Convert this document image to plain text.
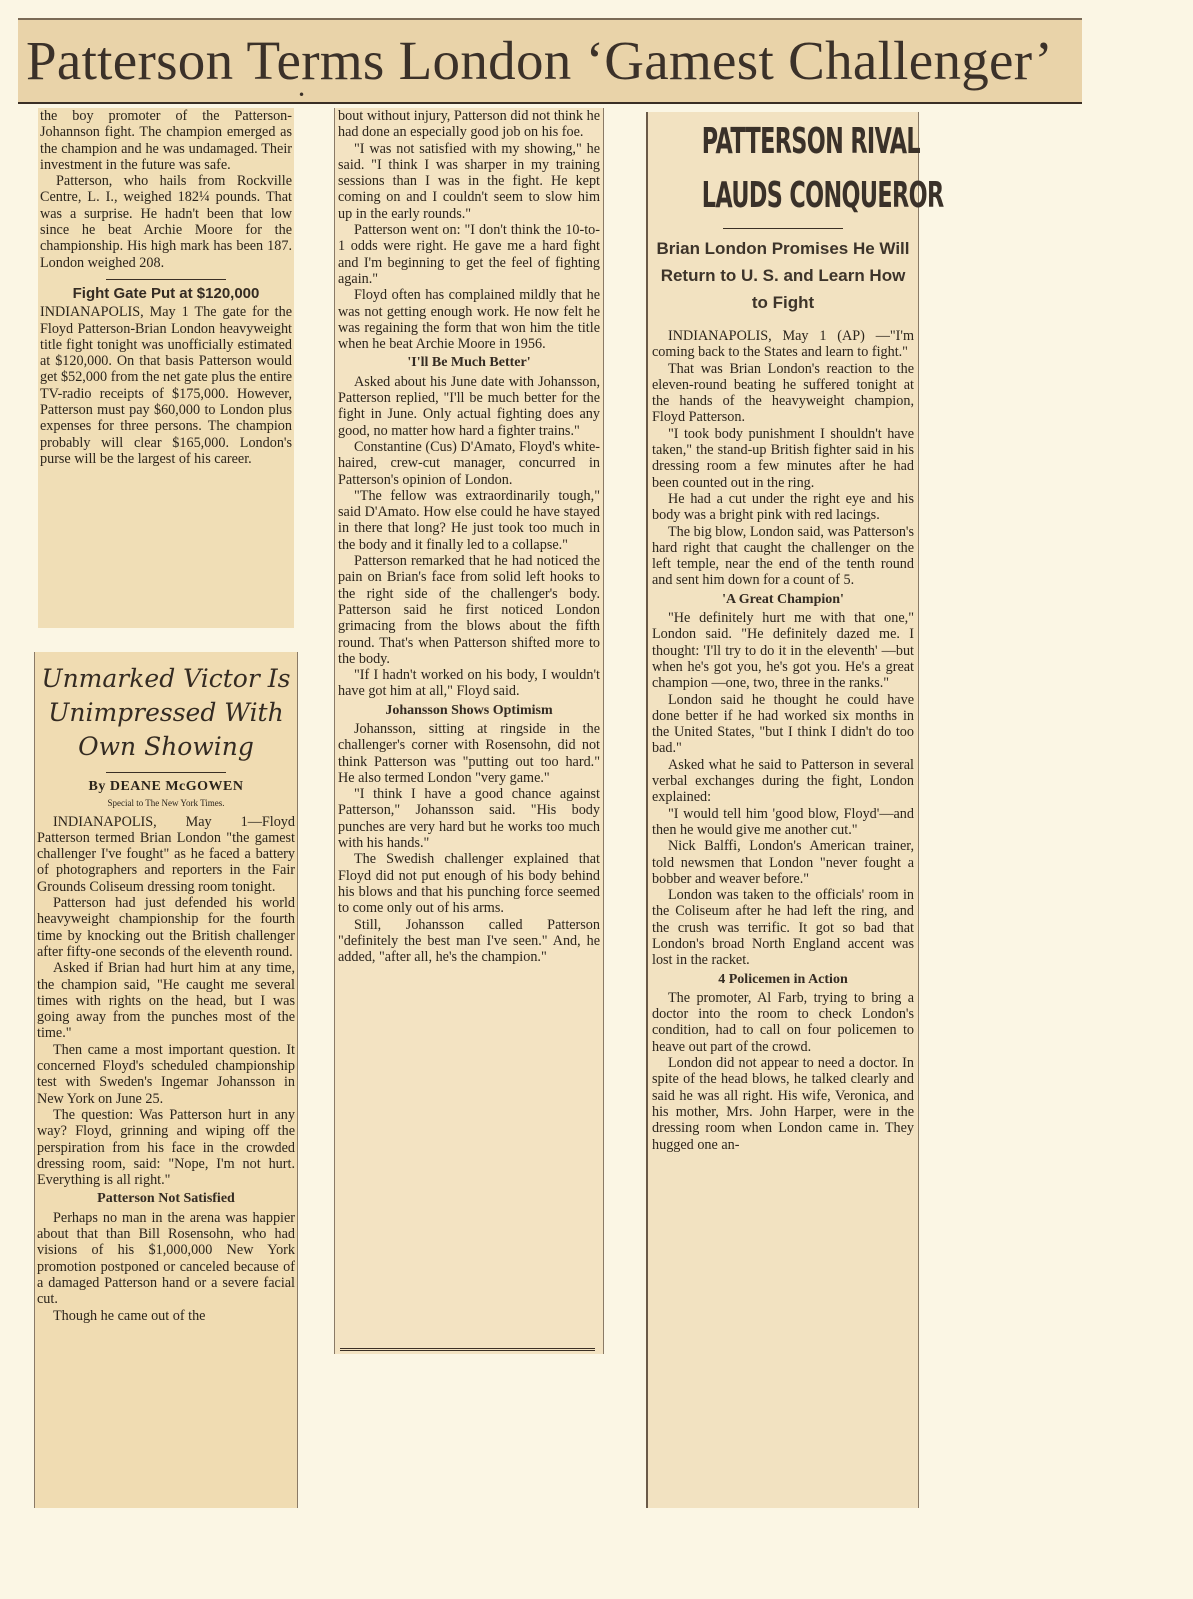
Patterson Terms London ‘Gamest Challenger’
•

the boy promoter of the Patterson-Johannson fight. The champion emerged as the champion and he was undamaged. Their investment in the future was safe.

Patterson, who hails from Rockville Centre, L. I., weighed 182¼ pounds. That was a surprise. He hadn't been that low since he beat Archie Moore for the championship. His high mark has been 187. London weighed 208.

Fight Gate Put at $120,000

INDIANAPOLIS, May 1 The gate for the Floyd Patterson-Brian London heavyweight title fight tonight was unofficially estimated at $120,000. On that basis Patterson would get $52,000 from the net gate plus the entire TV-radio receipts of $175,000. However, Patterson must pay $60,000 to London plus expenses for three persons. The champion probably will clear $165,000. London's purse will be the largest of his career.

Unmarked Victor Is Unimpressed With Own Showing
By DEANE McGOWEN
Special to The New York Times.

INDIANAPOLIS, May 1—Floyd Patterson termed Brian London "the gamest challenger I've fought" as he faced a battery of photographers and reporters in the Fair Grounds Coliseum dressing room tonight.

Patterson had just defended his world heavyweight championship for the fourth time by knocking out the British challenger after fifty-one seconds of the eleventh round.

Asked if Brian had hurt him at any time, the champion said, "He caught me several times with rights on the head, but I was going away from the punches most of the time."

Then came a most important question. It concerned Floyd's scheduled championship test with Sweden's Ingemar Johansson in New York on June 25.

The question: Was Patterson hurt in any way? Floyd, grinning and wiping off the perspiration from his face in the crowded dressing room, said: "Nope, I'm not hurt. Everything is all right."

Patterson Not Satisfied

Perhaps no man in the arena was happier about that than Bill Rosensohn, who had visions of his $1,000,000 New York promotion postponed or canceled because of a damaged Patterson hand or a severe facial cut.

Though he came out of the

bout without injury, Patterson did not think he had done an especially good job on his foe.

"I was not satisfied with my showing," he said. "I think I was sharper in my training sessions than I was in the fight. He kept coming on and I couldn't seem to slow him up in the early rounds."

Patterson went on: "I don't think the 10-to-1 odds were right. He gave me a hard fight and I'm beginning to get the feel of fighting again."

Floyd often has complained mildly that he was not getting enough work. He now felt he was regaining the form that won him the title when he beat Archie Moore in 1956.

'I'll Be Much Better'

Asked about his June date with Johansson, Patterson replied, "I'll be much better for the fight in June. Only actual fighting does any good, no matter how hard a fighter trains."

Constantine (Cus) D'Amato, Floyd's white-haired, crew-cut manager, concurred in Patterson's opinion of London.

"The fellow was extraordinarily tough," said D'Amato. How else could he have stayed in there that long? He just took too much in the body and it finally led to a collapse."

Patterson remarked that he had noticed the pain on Brian's face from solid left hooks to the right side of the challenger's body. Patterson said he first noticed London grimacing from the blows about the fifth round. That's when Patterson shifted more to the body.

"If I hadn't worked on his body, I wouldn't have got him at all," Floyd said.

Johansson Shows Optimism

Johansson, sitting at ringside in the challenger's corner with Rosensohn, did not think Patterson was "putting out too hard." He also termed London "very game."

"I think I have a good chance against Patterson," Johansson said. "His body punches are very hard but he works too much with his hands."

The Swedish challenger explained that Floyd did not put enough of his body behind his blows and that his punching force seemed to come only out of his arms.

Still, Johansson called Patterson "definitely the best man I've seen." And, he added, "after all, he's the champion."

PATTERSON RIVAL
LAUDS CONQUEROR
Brian London Promises He Will Return to U. S. and Learn How to Fight

INDIANAPOLIS, May 1 (AP) —"I'm coming back to the States and learn to fight."

That was Brian London's reaction to the eleven-round beating he suffered tonight at the hands of the heavyweight champion, Floyd Patterson.

"I took body punishment I shouldn't have taken," the stand-up British fighter said in his dressing room a few minutes after he had been counted out in the ring.

He had a cut under the right eye and his body was a bright pink with red lacings.

The big blow, London said, was Patterson's hard right that caught the challenger on the left temple, near the end of the tenth round and sent him down for a count of 5.

'A Great Champion'

"He definitely hurt me with that one," London said. "He definitely dazed me. I thought: 'I'll try to do it in the eleventh' —but when he's got you, he's got you. He's a great champion —one, two, three in the ranks."

London said he thought he could have done better if he had worked six months in the United States, "but I think I didn't do too bad."

Asked what he said to Patterson in several verbal exchanges during the fight, London explained:

"I would tell him 'good blow, Floyd'—and then he would give me another cut."

Nick Balffi, London's American trainer, told newsmen that London "never fought a bobber and weaver before."

London was taken to the officials' room in the Coliseum after he had left the ring, and the crush was terrific. It got so bad that London's broad North England accent was lost in the racket.

4 Policemen in Action

The promoter, Al Farb, trying to bring a doctor into the room to check London's condition, had to call on four policemen to heave out part of the crowd.

London did not appear to need a doctor. In spite of the head blows, he talked clearly and said he was all right. His wife, Veronica, and his mother, Mrs. John Harper, were in the dressing room when London came in. They hugged one an-
